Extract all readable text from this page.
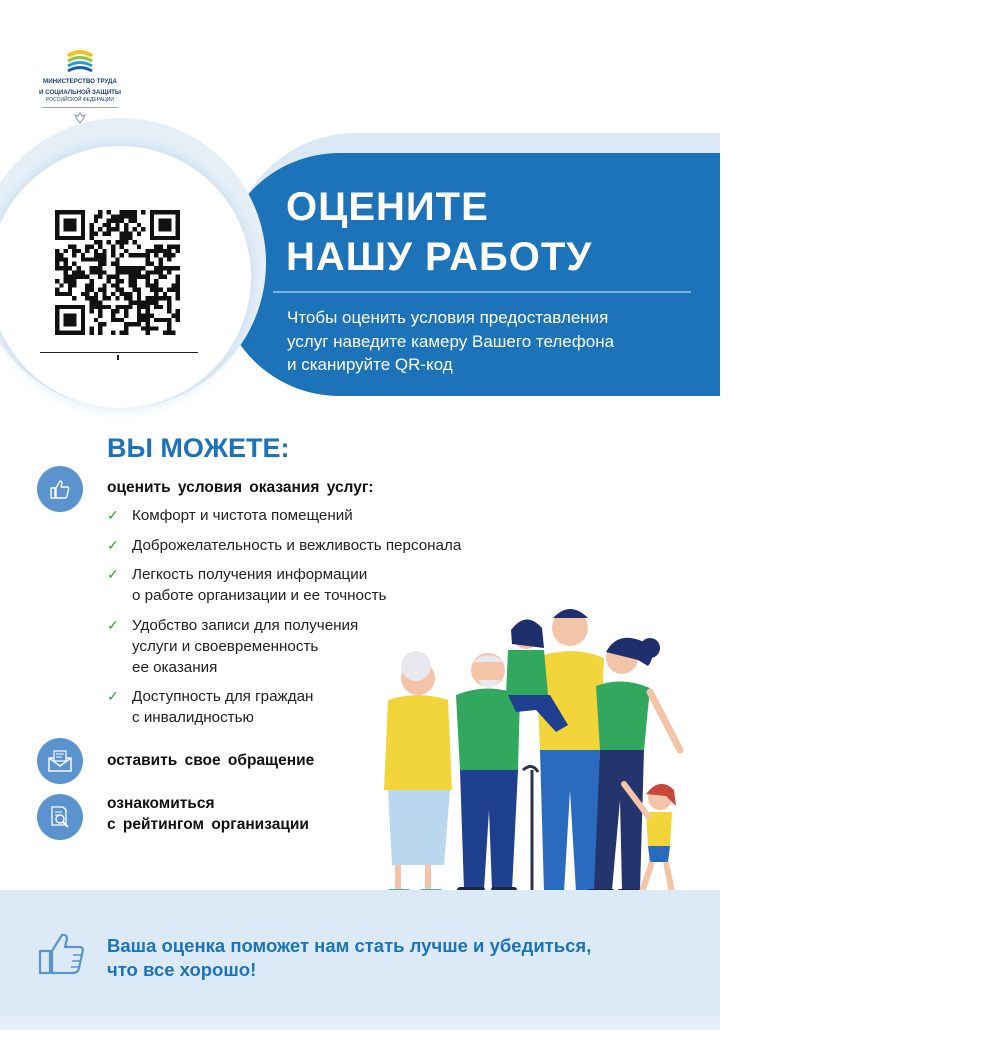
МИНИСТЕРСТВО ТРУДА
И СОЦИАЛЬНОЙ ЗАЩИТЫ
РОССИЙСКОЙ ФЕДЕРАЦИИ
ОЦЕНИТЕ
НАШУ РАБОТУ
Чтобы оценить условия предоставления
услуг наведите камеру Вашего телефона
и сканируйте QR-код
ВЫ МОЖЕТЕ:
оценить условия оказания услуг:
✓ Комфорт и чистота помещений
✓ Доброжелательность и вежливость персонала
✓ Легкость получения информации
о работе организации и ее точность
✓ Удобство записи для получения
услуги и своевременность
ее оказания
✓ Доступность для граждан
с инвалидностью
оставить свое обращение
ознакомиться
с рейтингом организации
Ваша оценка поможет нам стать лучше и убедиться,
что все хорошо!
